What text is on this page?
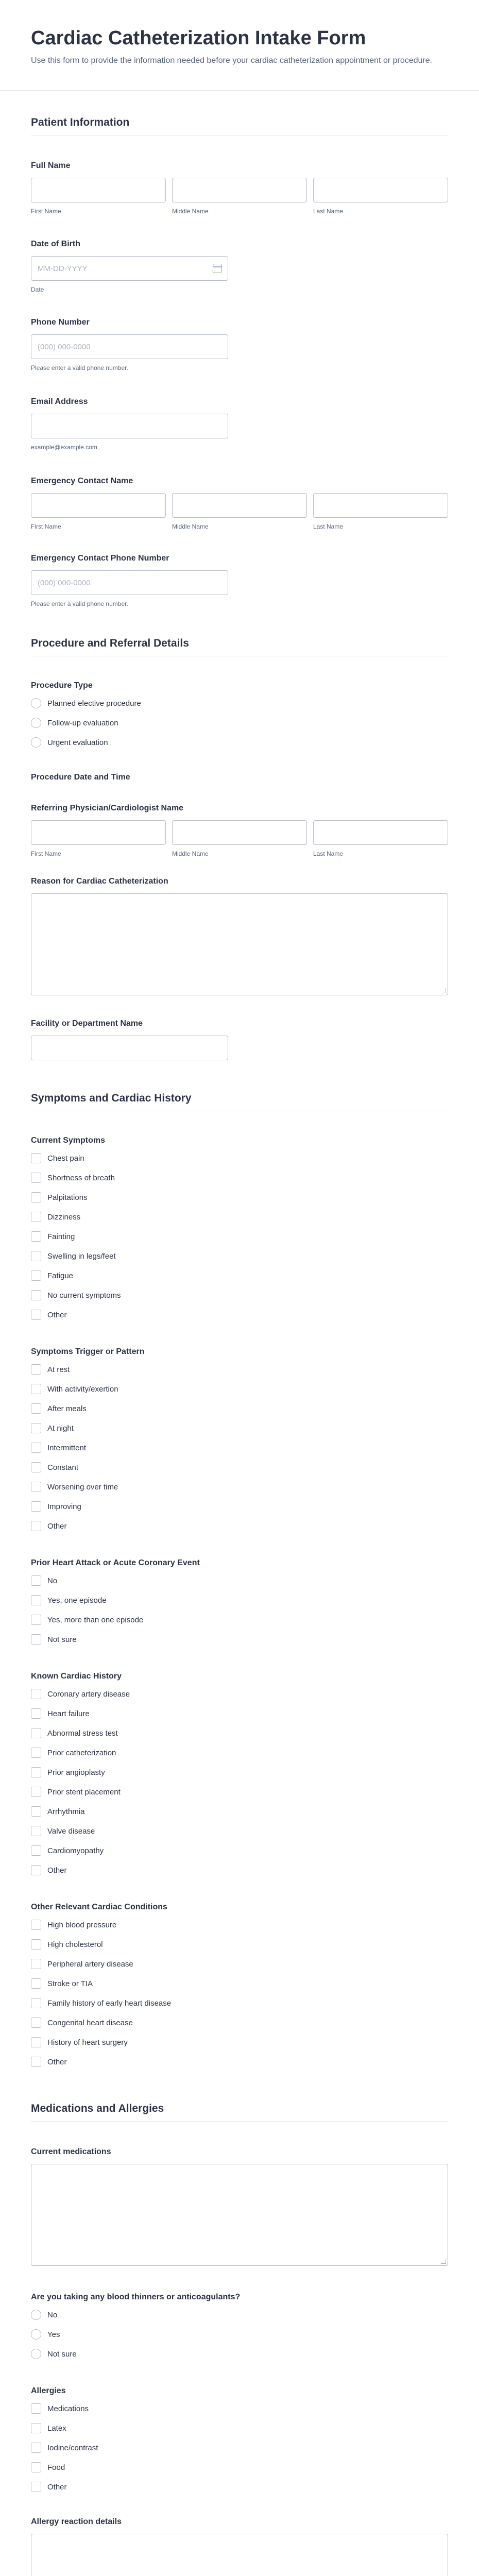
Cardiac Catheterization Intake Form

Use this form to provide the information needed before your cardiac catheterization appointment or procedure.

Patient Information
Full Name
First Name	Middle Name	Last Name
Date of Birth
MM-DD-YYYY
Date
Phone Number
(000) 000-0000
Please enter a valid phone number.
Email Address
example@example.com
Emergency Contact Name
First Name	Middle Name	Last Name
Emergency Contact Phone Number
(000) 000-0000
Please enter a valid phone number.
Procedure and Referral Details
Procedure Type
Planned elective procedure
Follow-up evaluation
Urgent evaluation
Procedure Date and Time
Referring Physician/Cardiologist Name
First Name	Middle Name	Last Name
Reason for Cardiac Catheterization
Facility or Department Name
Symptoms and Cardiac History
Current Symptoms
Chest pain
Shortness of breath
Palpitations
Dizziness
Fainting
Swelling in legs/feet
Fatigue
No current symptoms
Other
Symptoms Trigger or Pattern
At rest
With activity/exertion
After meals
At night
Intermittent
Constant
Worsening over time
Improving
Other
Prior Heart Attack or Acute Coronary Event
No
Yes, one episode
Yes, more than one episode
Not sure
Known Cardiac History
Coronary artery disease
Heart failure
Abnormal stress test
Prior catheterization
Prior angioplasty
Prior stent placement
Arrhythmia
Valve disease
Cardiomyopathy
Other
Other Relevant Cardiac Conditions
High blood pressure
High cholesterol
Peripheral artery disease
Stroke or TIA
Family history of early heart disease
Congenital heart disease
History of heart surgery
Other
Medications and Allergies
Current medications
Are you taking any blood thinners or anticoagulants?
No
Yes
Not sure
Allergies
Medications
Latex
Iodine/contrast
Food
Other
Allergy reaction details
